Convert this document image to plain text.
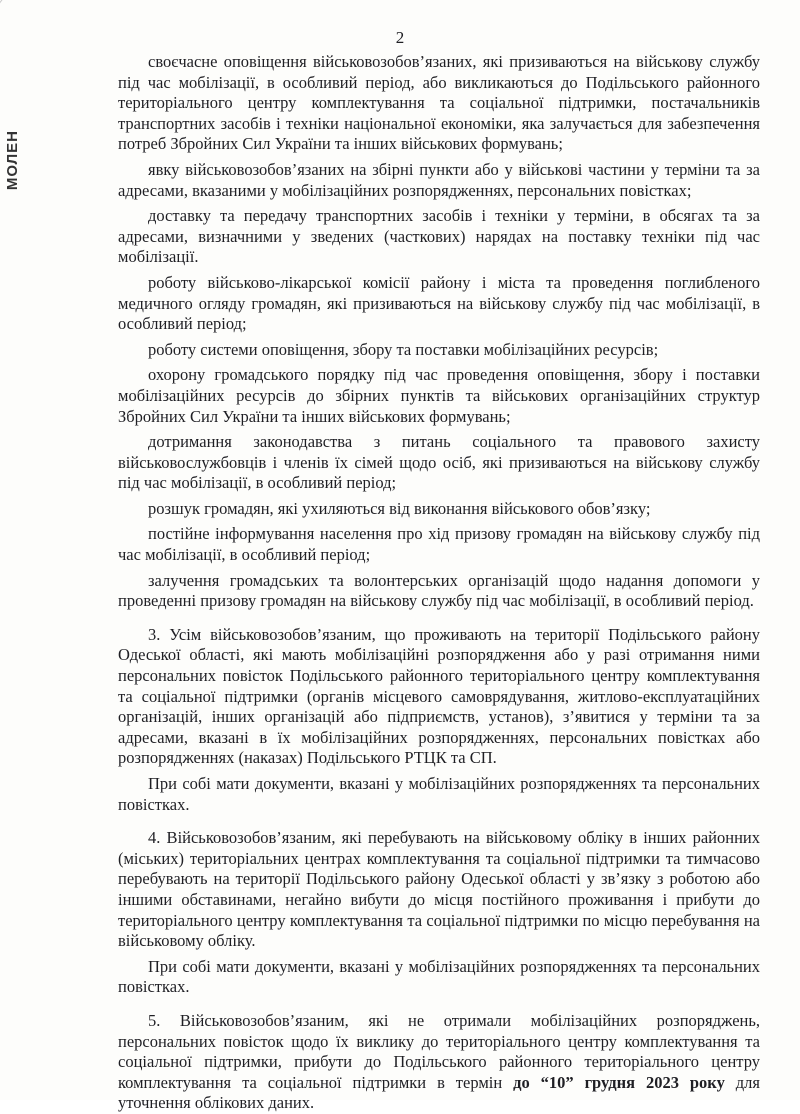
МОЛЕН
2

своєчасне оповіщення військовозобов’язаних, які призиваються на військову службу під час мобілізації, в особливий період, або викликаються до Подільського районного територіального центру комплектування та соціальної підтримки, постачальників транспортних засобів і техніки національної економіки, яка залучається для забезпечення потреб Збройних Сил України та інших військових формувань;

явку військовозобов’язаних на збірні пункти або у військові частини у терміни та за адресами, вказаними у мобілізаційних розпорядженнях, персональних повістках;

доставку та передачу транспортних засобів і техніки у терміни, в обсягах та за адресами, визначними у зведених (часткових) нарядах на поставку техніки під час мобілізації.

роботу військово-лікарської комісії району і міста та проведення поглибленого медичного огляду громадян, які призиваються на військову службу під час мобілізації, в особливий період;

роботу системи оповіщення, збору та поставки мобілізаційних ресурсів;

охорону громадського порядку під час проведення оповіщення, збору і поставки мобілізаційних ресурсів до збірних пунктів та військових організаційних структур Збройних Сил України та інших військових формувань;

дотримання законодавства з питань соціального та правового захисту військовослужбовців і членів їх сімей щодо осіб, які призиваються на військову службу під час мобілізації, в особливий період;

розшук громадян, які ухиляються від виконання військового обов’язку;

постійне інформування населення про хід призову громадян на військову службу під час мобілізації, в особливий період;

залучення громадських та волонтерських організацій щодо надання допомоги у проведенні призову громадян на військову службу під час мобілізації, в особливий період.

3. Усім військовозобов’язаним, що проживають на території Подільського району Одеської області, які мають мобілізаційні розпорядження або у разі отримання ними персональних повісток Подільського районного територіального центру комплектування та соціальної підтримки (органів місцевого самоврядування, житлово-експлуатаційних організацій, інших організацій або підприємств, установ), з’явитися у терміни та за адресами, вказані в їх мобілізаційних розпорядженнях, персональних повістках або розпорядженнях (наказах) Подільського РТЦК та СП.

При собі мати документи, вказані у мобілізаційних розпорядженнях та персональних повістках.

4. Військовозобов’язаним, які перебувають на військовому обліку в інших районних (міських) територіальних центрах комплектування та соціальної підтримки та тимчасово перебувають на території Подільського району Одеської області у зв’язку з роботою або іншими обставинами, негайно вибути до місця постійного проживання і прибути до територіального центру комплектування та соціальної підтримки по місцю перебування на військовому обліку.

При собі мати документи, вказані у мобілізаційних розпорядженнях та персональних повістках.

5. Військовозобов’язаним, які не отримали мобілізаційних розпоряджень, персональних повісток щодо їх виклику до територіального центру комплектування та соціальної підтримки, прибути до Подільського районного територіального центру комплектування та соціальної підтримки в термін до “10” грудня 2023 року для уточнення облікових даних.
